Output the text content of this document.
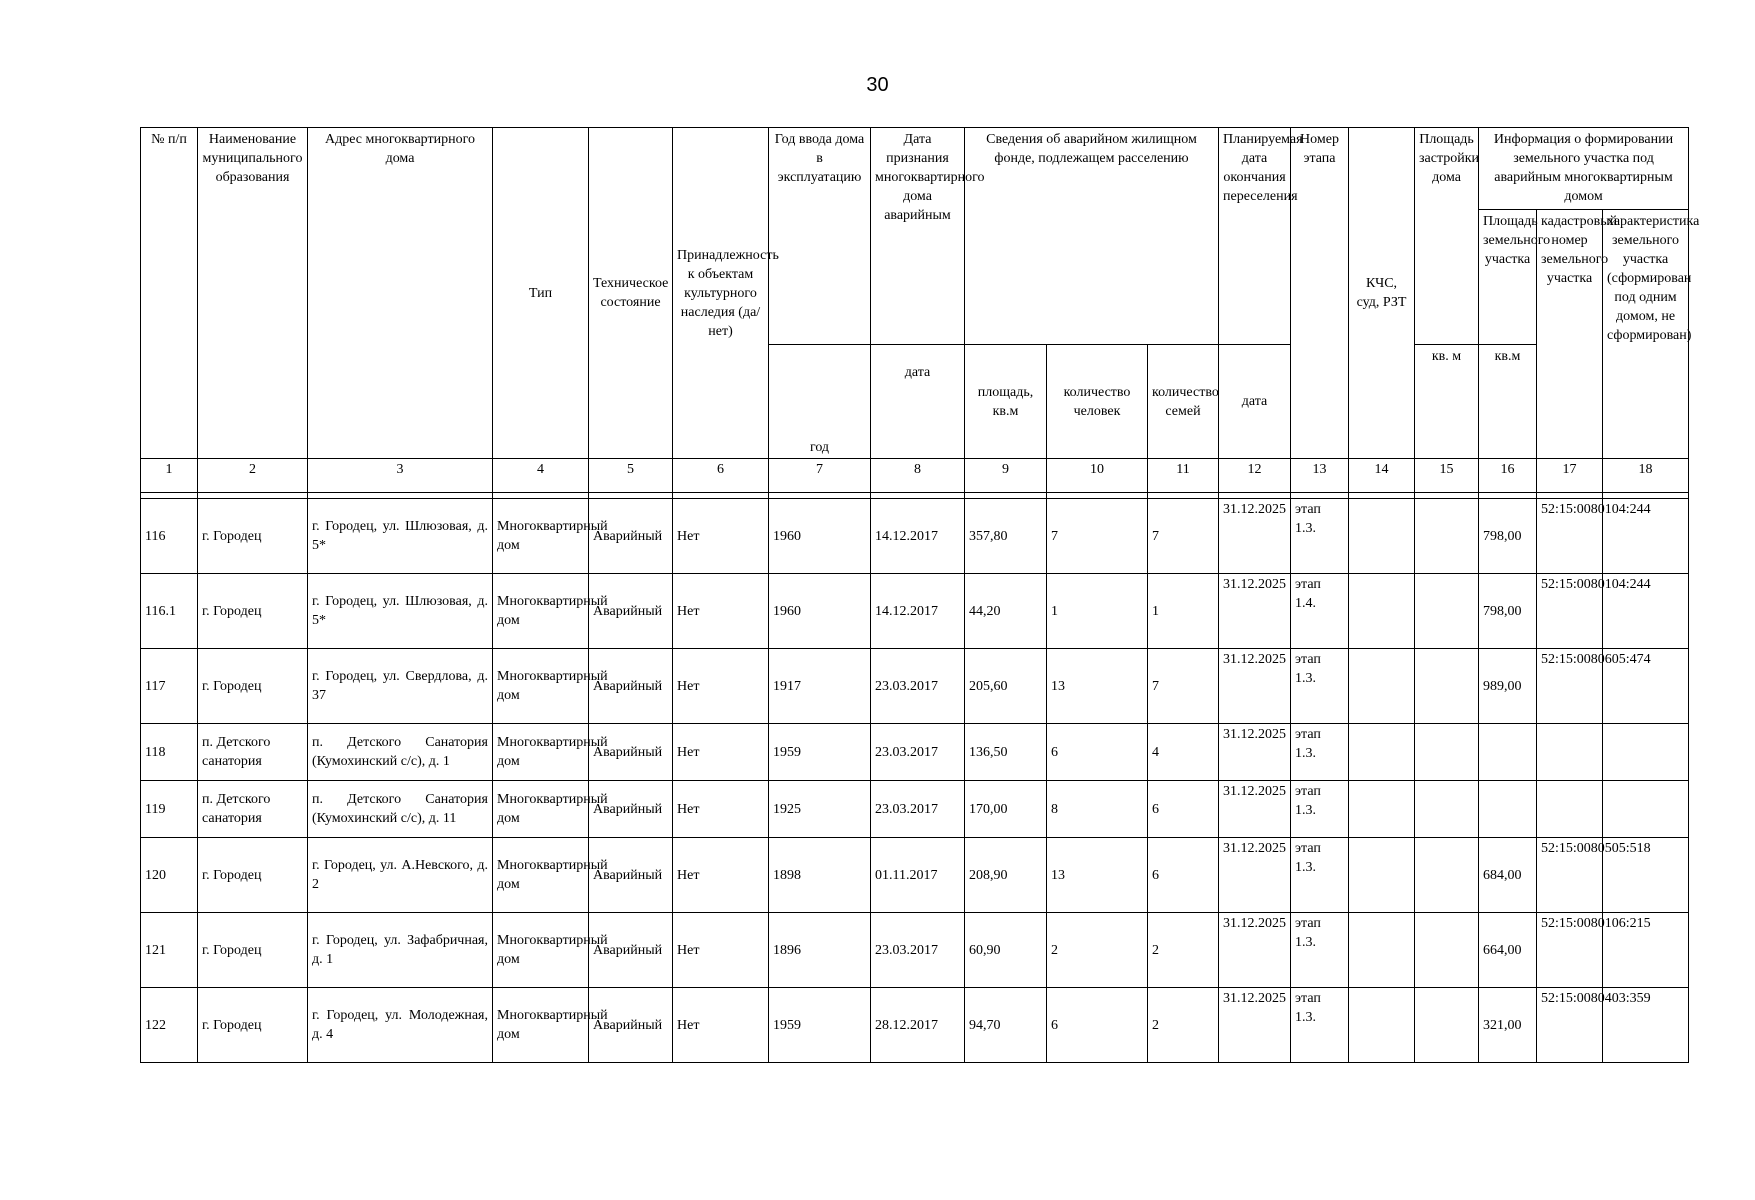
30
№ п/п	Наименование муниципального образования	Адрес многоквартирного дома	Тип	Техническое состояние	Принадлежность к объектам культурного наследия (да/нет)	Год ввода дома в эксплуатацию	Дата признания многоквартирного дома аварийным	Сведения об аварийном жилищном фонде, подлежащем расселению			Планируемая дата окончания переселения	Номер этапа	КЧС, суд, РЗТ	Площадь застройки дома	Информация о формировании земельного участка под аварийным многоквартирным домом		
															Площадь земельного участка	кадастровый номер земельного участка	характеристика земельного участка (сформирован под одним домом, не сформирован)
						год	дата	площадь, кв.м	количество человек	количество семей	дата			кв. м	кв.м		
1	2	3	4	5	6	7	8	9	10	11	12	13	14	15	16	17	18

116	г. Городец	г. Городец, ул. Шлюзовая, д. 5*	Многоквартирный дом	Аварийный	Нет	1960	14.12.2017	357,80	7	7	31.12.2025	этап 1.3.			798,00	52:15:0080104:244	
116.1	г. Городец	г. Городец, ул. Шлюзовая, д. 5*	Многоквартирный дом	Аварийный	Нет	1960	14.12.2017	44,20	1	1	31.12.2025	этап 1.4.			798,00	52:15:0080104:244	
117	г. Городец	г. Городец, ул. Свердлова, д. 37	Многоквартирный дом	Аварийный	Нет	1917	23.03.2017	205,60	13	7	31.12.2025	этап 1.3.			989,00	52:15:0080605:474	
118	п. Детского санатория	п. Детского Санатория (Кумохинский с/с), д. 1	Многоквартирный дом	Аварийный	Нет	1959	23.03.2017	136,50	6	4	31.12.2025	этап 1.3.					
119	п. Детского санатория	п. Детского Санатория (Кумохинский с/с), д. 11	Многоквартирный дом	Аварийный	Нет	1925	23.03.2017	170,00	8	6	31.12.2025	этап 1.3.					
120	г. Городец	г. Городец, ул. А.Невского, д. 2	Многоквартирный дом	Аварийный	Нет	1898	01.11.2017	208,90	13	6	31.12.2025	этап 1.3.			684,00	52:15:0080505:518	
121	г. Городец	г. Городец, ул. Зафабричная, д. 1	Многоквартирный дом	Аварийный	Нет	1896	23.03.2017	60,90	2	2	31.12.2025	этап 1.3.			664,00	52:15:0080106:215	
122	г. Городец	г. Городец, ул. Молодежная, д. 4	Многоквартирный дом	Аварийный	Нет	1959	28.12.2017	94,70	6	2	31.12.2025	этап 1.3.			321,00	52:15:0080403:359	
